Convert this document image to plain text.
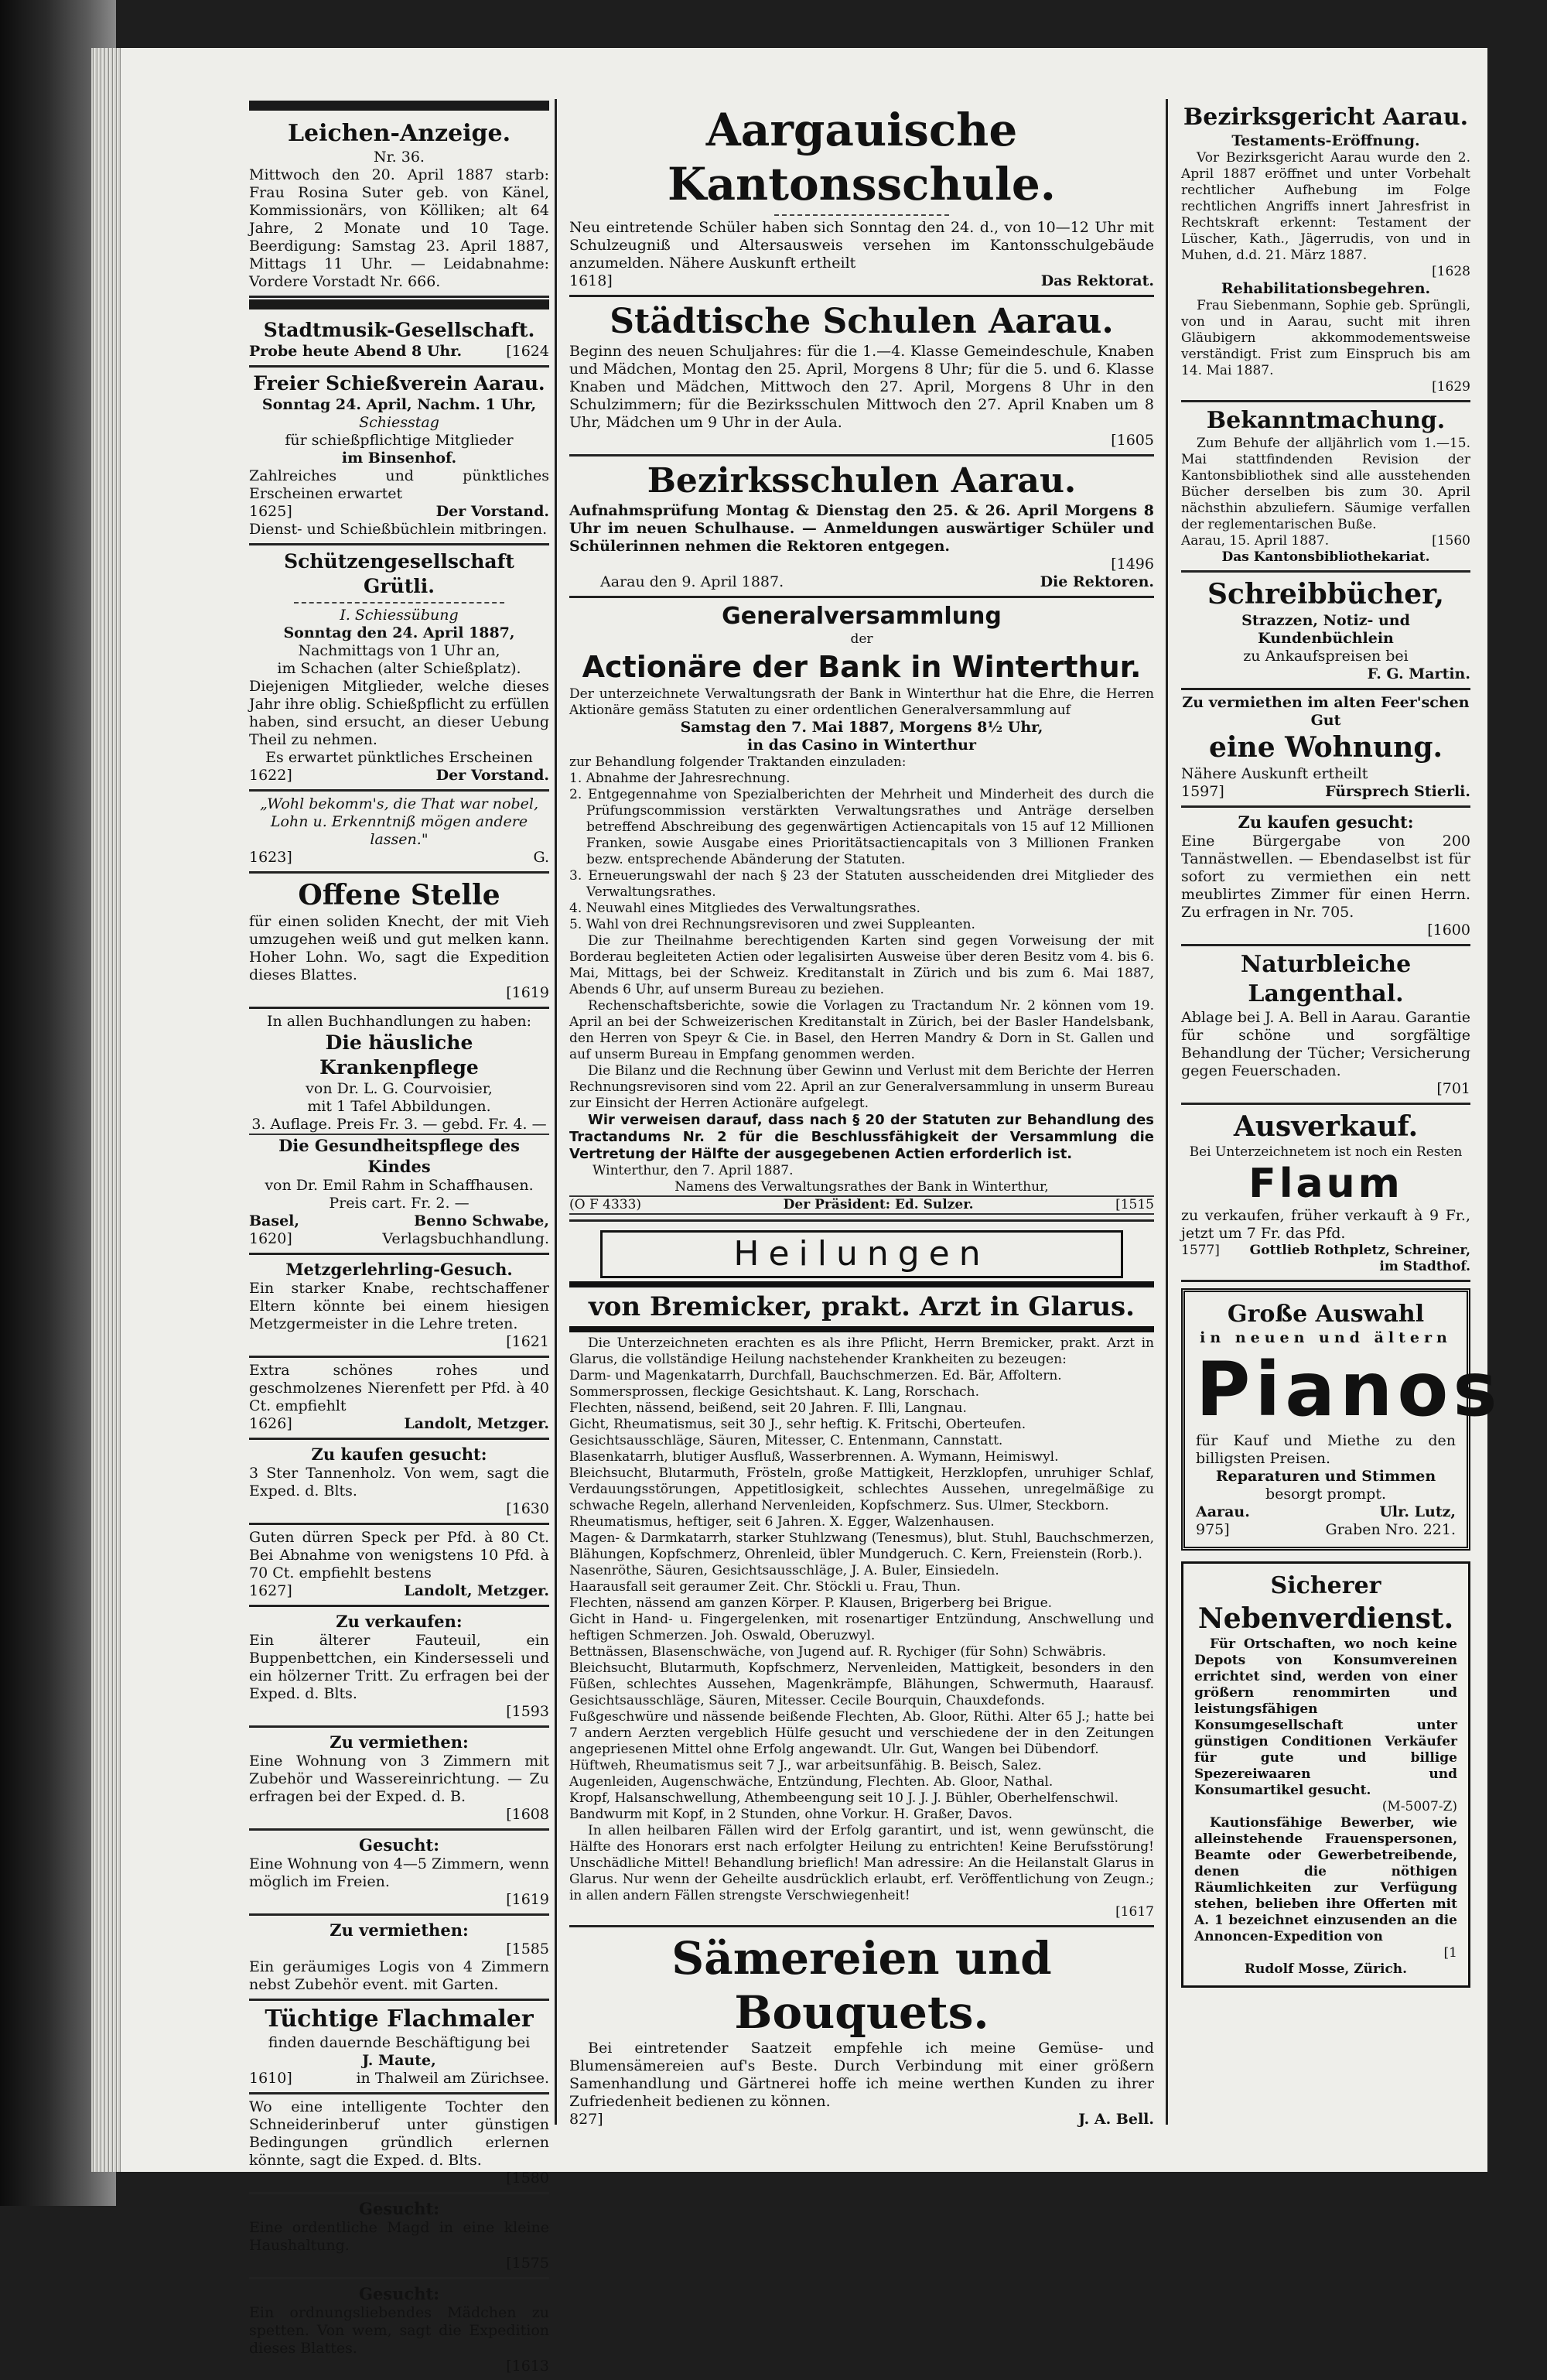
Leichen-Anzeige.
Nr. 36.
Mittwoch den 20. April 1887 starb: Frau Rosina Suter geb. von Känel, Kommissionärs, von Kölliken; alt 64 Jahre, 2 Monate und 10 Tage. Beerdigung: Samstag 23. April 1887, Mittags 11 Uhr. — Leidabnahme: Vordere Vorstadt Nr. 666.
Stadtmusik-Gesellschaft.
Probe heute Abend 8 Uhr.	[1624
Freier Schießverein Aarau.
Sonntag 24. April, Nachm. 1 Uhr,
Schiesstag
für schießpflichtige Mitglieder
im Binsenhof.
Zahlreiches und pünktliches Erscheinen erwartet
1625]	Der Vorstand.
Dienst- und Schießbüchlein mitbringen.
Schützengesellschaft Grütli.
I. Schiessübung
Sonntag den 24. April 1887,
Nachmittags von 1 Uhr an,
im Schachen (alter Schießplatz).
Diejenigen Mitglieder, welche dieses Jahr ihre oblig. Schießpflicht zu erfüllen haben, sind ersucht, an dieser Uebung Theil zu nehmen.
Es erwartet pünktliches Erscheinen
1622]	Der Vorstand.
„Wohl bekomm's, die That war nobel, Lohn u. Erkenntniß mögen andere lassen."
1623]	G.
Offene Stelle
für einen soliden Knecht, der mit Vieh umzugehen weiß und gut melken kann. Hoher Lohn. Wo, sagt die Expedition dieses Blattes.
[1619
In allen Buchhandlungen zu haben:
Die häusliche Krankenpflege
von Dr. L. G. Courvoisier,
mit 1 Tafel Abbildungen.
3. Auflage. Preis Fr. 3. — gebd. Fr. 4. —
Die Gesundheitspflege des Kindes
von Dr. Emil Rahm in Schaffhausen.
Preis cart. Fr. 2. —
Basel,	Benno Schwabe,
1620]	Verlagsbuchhandlung.
Metzgerlehrling-Gesuch.
Ein starker Knabe, rechtschaffener Eltern könnte bei einem hiesigen Metzgermeister in die Lehre treten.
[1621
Extra schönes rohes und geschmolzenes Nierenfett per Pfd. à 40 Ct. empfiehlt
1626]	Landolt, Metzger.
Zu kaufen gesucht:
3 Ster Tannenholz. Von wem, sagt die Exped. d. Blts.
[1630
Guten dürren Speck per Pfd. à 80 Ct. Bei Abnahme von wenigstens 10 Pfd. à 70 Ct. empfiehlt bestens
1627]	Landolt, Metzger.
Zu verkaufen:
Ein älterer Fauteuil, ein Buppenbettchen, ein Kindersesseli und ein hölzerner Tritt. Zu erfragen bei der Exped. d. Blts.
[1593
Zu vermiethen:
Eine Wohnung von 3 Zimmern mit Zubehör und Wassereinrichtung. — Zu erfragen bei der Exped. d. B.
[1608
Gesucht:
Eine Wohnung von 4—5 Zimmern, wenn möglich im Freien.
[1619
Zu vermiethen:
[1585
Ein geräumiges Logis von 4 Zimmern nebst Zubehör event. mit Garten.
Tüchtige Flachmaler
finden dauernde Beschäftigung bei
J. Maute,
1610]	in Thalweil am Zürichsee.
Wo eine intelligente Tochter den Schneiderinberuf unter günstigen Bedingungen gründlich erlernen könnte, sagt die Exped. d. Blts.
[1580
Gesucht:
Eine ordentliche Magd in eine kleine Haushaltung.
[1575
Gesucht:
Ein ordnungsliebendes Mädchen zu spetten. Von wem, sagt die Expedition dieses Blattes.
[1613
Aargauische Kantonsschule.
Neu eintretende Schüler haben sich Sonntag den 24. d., von 10—12 Uhr mit Schulzeugniß und Altersausweis versehen im Kantonsschulgebäude anzumelden. Nähere Auskunft ertheilt
1618]	Das Rektorat.
Städtische Schulen Aarau.
Beginn des neuen Schuljahres: für die 1.—4. Klasse Gemeindeschule, Knaben und Mädchen, Montag den 25. April, Morgens 8 Uhr; für die 5. und 6. Klasse Knaben und Mädchen, Mittwoch den 27. April, Morgens 8 Uhr in den Schulzimmern; für die Bezirksschulen Mittwoch den 27. April Knaben um 8 Uhr, Mädchen um 9 Uhr in der Aula.
[1605
Bezirksschulen Aarau.
Aufnahmsprüfung Montag & Dienstag den 25. & 26. April Morgens 8 Uhr im neuen Schulhause. — Anmeldungen auswärtiger Schüler und Schülerinnen nehmen die Rektoren entgegen.
[1496
Aarau den 9. April 1887.	Die Rektoren.
Generalversammlung
der
Actionäre der Bank in Winterthur.
Der unterzeichnete Verwaltungsrath der Bank in Winterthur hat die Ehre, die Herren Aktionäre gemäss Statuten zu einer ordentlichen Generalversammlung auf
Samstag den 7. Mai 1887, Morgens 8½ Uhr,
in das Casino in Winterthur
zur Behandlung folgender Traktanden einzuladen:
1. Abnahme der Jahresrechnung.
2. Entgegennahme von Spezialberichten der Mehrheit und Minderheit des durch die Prüfungscommission verstärkten Verwaltungsrathes und Anträge derselben betreffend Abschreibung des gegenwärtigen Actiencapitals von 15 auf 12 Millionen Franken, sowie Ausgabe eines Prioritätsactiencapitals von 3 Millionen Franken bezw. entsprechende Abänderung der Statuten.
3. Erneuerungswahl der nach § 23 der Statuten ausscheidenden drei Mitglieder des Verwaltungsrathes.
4. Neuwahl eines Mitgliedes des Verwaltungsrathes.
5. Wahl von drei Rechnungsrevisoren und zwei Suppleanten.
Die zur Theilnahme berechtigenden Karten sind gegen Vorweisung der mit Borderau begleiteten Actien oder legalisirten Ausweise über deren Besitz vom 4. bis 6. Mai, Mittags, bei der Schweiz. Kreditanstalt in Zürich und bis zum 6. Mai 1887, Abends 6 Uhr, auf unserm Bureau zu beziehen.
Rechenschaftsberichte, sowie die Vorlagen zu Tractandum Nr. 2 können vom 19. April an bei der Schweizerischen Kreditanstalt in Zürich, bei der Basler Handelsbank, den Herren von Speyr & Cie. in Basel, den Herren Mandry & Dorn in St. Gallen und auf unserm Bureau in Empfang genommen werden.
Die Bilanz und die Rechnung über Gewinn und Verlust mit dem Berichte der Herren Rechnungsrevisoren sind vom 22. April an zur Generalversammlung in unserm Bureau zur Einsicht der Herren Actionäre aufgelegt.
Wir verweisen darauf, dass nach § 20 der Statuten zur Behandlung des Tractandums Nr. 2 für die Beschlussfähigkeit der Versammlung die Vertretung der Hälfte der ausgegebenen Actien erforderlich ist.
Winterthur, den 7. April 1887.
Namens des Verwaltungsrathes der Bank in Winterthur,
(O F 4333)	Der Präsident: Ed. Sulzer.	[1515
Heilungen
von Bremicker, prakt. Arzt in Glarus.
Die Unterzeichneten erachten es als ihre Pflicht, Herrn Bremicker, prakt. Arzt in Glarus, die vollständige Heilung nachstehender Krankheiten zu bezeugen:
Darm- und Magenkatarrh, Durchfall, Bauchschmerzen. Ed. Bär, Affoltern.
Sommersprossen, fleckige Gesichtshaut. K. Lang, Rorschach.
Flechten, nässend, beißend, seit 20 Jahren. F. Illi, Langnau.
Gicht, Rheumatismus, seit 30 J., sehr heftig. K. Fritschi, Oberteufen.
Gesichtsausschläge, Säuren, Mitesser, C. Entenmann, Cannstatt.
Blasenkatarrh, blutiger Ausfluß, Wasserbrennen. A. Wymann, Heimiswyl.
Bleichsucht, Blutarmuth, Frösteln, große Mattigkeit, Herzklopfen, unruhiger Schlaf, Verdauungsstörungen, Appetitlosigkeit, schlechtes Aussehen, unregelmäßige zu schwache Regeln, allerhand Nervenleiden, Kopfschmerz. Sus. Ulmer, Steckborn.
Rheumatismus, heftiger, seit 6 Jahren. X. Egger, Walzenhausen.
Magen- & Darmkatarrh, starker Stuhlzwang (Tenesmus), blut. Stuhl, Bauchschmerzen, Blähungen, Kopfschmerz, Ohrenleid, übler Mundgeruch. C. Kern, Freienstein (Rorb.).
Nasenröthe, Säuren, Gesichtsausschläge, J. A. Buler, Einsiedeln.
Haarausfall seit geraumer Zeit. Chr. Stöckli u. Frau, Thun.
Flechten, nässend am ganzen Körper. P. Klausen, Brigerberg bei Brigue.
Gicht in Hand- u. Fingergelenken, mit rosenartiger Entzündung, Anschwellung und heftigen Schmerzen. Joh. Oswald, Oberuzwyl.
Bettnässen, Blasenschwäche, von Jugend auf. R. Rychiger (für Sohn) Schwäbris.
Bleichsucht, Blutarmuth, Kopfschmerz, Nervenleiden, Mattigkeit, besonders in den Füßen, schlechtes Aussehen, Magenkrämpfe, Blähungen, Schwermuth, Haarausf. Gesichtsausschläge, Säuren, Mitesser. Cecile Bourquin, Chauxdefonds.
Fußgeschwüre und nässende beißende Flechten, Ab. Gloor, Rüthi. Alter 65 J.; hatte bei 7 andern Aerzten vergeblich Hülfe gesucht und verschiedene der in den Zeitungen angepriesenen Mittel ohne Erfolg angewandt. Ulr. Gut, Wangen bei Dübendorf.
Hüftweh, Rheumatismus seit 7 J., war arbeitsunfähig. B. Beisch, Salez.
Augenleiden, Augenschwäche, Entzündung, Flechten. Ab. Gloor, Nathal.
Kropf, Halsanschwellung, Athembeengung seit 10 J. J. J. Bühler, Oberhelfenschwil.
Bandwurm mit Kopf, in 2 Stunden, ohne Vorkur. H. Graßer, Davos.
In allen heilbaren Fällen wird der Erfolg garantirt, und ist, wenn gewünscht, die Hälfte des Honorars erst nach erfolgter Heilung zu entrichten! Keine Berufsstörung! Unschädliche Mittel! Behandlung brieflich! Man adressire: An die Heilanstalt Glarus in Glarus. Nur wenn der Geheilte ausdrücklich erlaubt, erf. Veröffentlichung von Zeugn.; in allen andern Fällen strengste Verschwiegenheit!
[1617
Sämereien und Bouquets.
Bei eintretender Saatzeit empfehle ich meine Gemüse- und Blumensämereien auf's Beste. Durch Verbindung mit einer größern Samenhandlung und Gärtnerei hoffe ich meine werthen Kunden zu ihrer Zufriedenheit bedienen zu können.
827]	J. A. Bell.
Bezirksgericht Aarau.
Testaments-Eröffnung.
Vor Bezirksgericht Aarau wurde den 2. April 1887 eröffnet und unter Vorbehalt rechtlicher Aufhebung im Folge rechtlichen Angriffs innert Jahresfrist in Rechtskraft erkennt: Testament der Lüscher, Kath., Jägerrudis, von und in Muhen, d.d. 21. März 1887.
[1628
Rehabilitationsbegehren.
Frau Siebenmann, Sophie geb. Sprüngli, von und in Aarau, sucht mit ihren Gläubigern akkommodementsweise verständigt. Frist zum Einspruch bis am 14. Mai 1887.
[1629
Bekanntmachung.
Zum Behufe der alljährlich vom 1.—15. Mai stattfindenden Revision der Kantonsbibliothek sind alle ausstehenden Bücher derselben bis zum 30. April nächsthin abzuliefern. Säumige verfallen der reglementarischen Buße.
Aarau, 15. April 1887.	[1560
Das Kantonsbibliothekariat.
Schreibbücher,
Strazzen, Notiz- und Kundenbüchlein
zu Ankaufspreisen bei
F. G. Martin.
Zu vermiethen im alten Feer'schen Gut
eine Wohnung.
Nähere Auskunft ertheilt
1597]	Fürsprech Stierli.
Zu kaufen gesucht:
Eine Bürgergabe von 200 Tannästwellen. — Ebendaselbst ist für sofort zu vermiethen ein nett meublirtes Zimmer für einen Herrn. Zu erfragen in Nr. 705.
[1600
Naturbleiche Langenthal.
Ablage bei J. A. Bell in Aarau. Garantie für schöne und sorgfältige Behandlung der Tücher; Versicherung gegen Feuerschaden.
[701
Ausverkauf.
Bei Unterzeichnetem ist noch ein Resten
Flaum
zu verkaufen, früher verkauft à 9 Fr., jetzt um 7 Fr. das Pfd.
1577]	Gottlieb Rothpletz, Schreiner, im Stadthof.
Große Auswahl
in neuen und ältern
Pianos
für Kauf und Miethe zu den billigsten Preisen.
Reparaturen und Stimmen
besorgt prompt.
Aarau.	Ulr. Lutz,
975]	Graben Nro. 221.
Sicherer
Nebenverdienst.
Für Ortschaften, wo noch keine Depots von Konsumvereinen errichtet sind, werden von einer größern renommirten und leistungsfähigen Konsumgesellschaft unter günstigen Conditionen Verkäufer für gute und billige Spezereiwaaren und Konsumartikel gesucht.
(M-5007-Z)
Kautionsfähige Bewerber, wie alleinstehende Frauenspersonen, Beamte oder Gewerbetreibende, denen die nöthigen Räumlichkeiten zur Verfügung stehen, belieben ihre Offerten mit A. 1 bezeichnet einzusenden an die Annoncen-Expedition von
[1
Rudolf Mosse, Zürich.
